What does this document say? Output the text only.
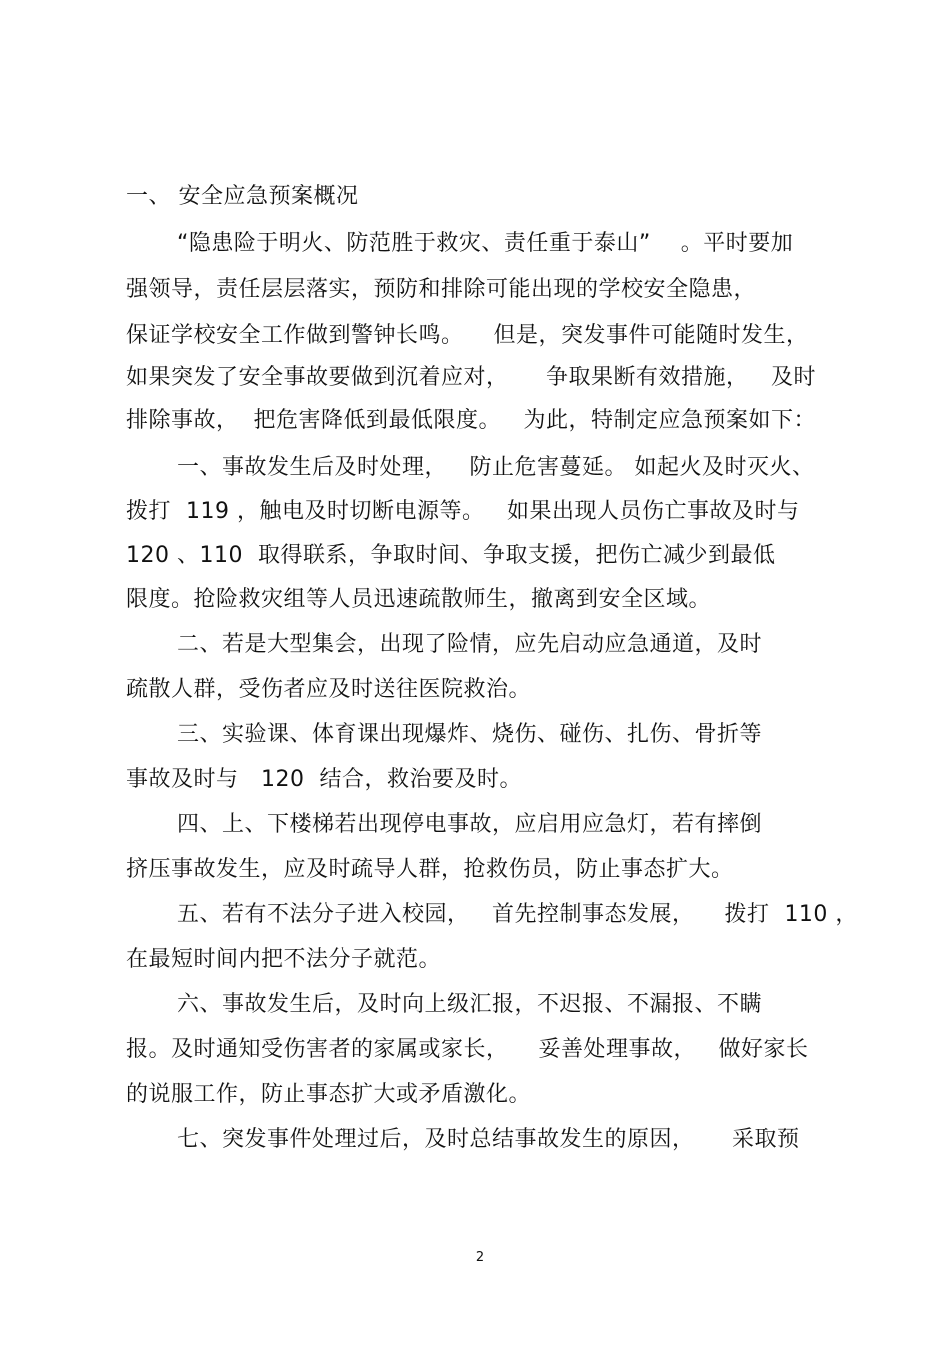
一、 安全应急预案概况
“隐患险于明火、防范胜于救灾、责任重于泰山”    。平时要加
强领导，责任层层落实，预防和排除可能出现的学校安全隐患，
保证学校安全工作做到警钟长鸣。    但是，突发事件可能随时发生，
如果突发了安全事故要做到沉着应对，     争取果断有效措施，   及时
排除事故，  把危害降低到最低限度。   为此，特制定应急预案如下：
一、事故发生后及时处理，   防止危害蔓延。 如起火及时灭火、
拨打  119 ，触电及时切断电源等。   如果出现人员伤亡事故及时与
120 、110  取得联系，争取时间、争取支援，把伤亡减少到最低
限度。抢险救灾组等人员迅速疏散师生，撤离到安全区域。
二、若是大型集会，出现了险情，应先启动应急通道，及时
疏散人群，受伤者应及时送往医院救治。
三、实验课、体育课出现爆炸、烧伤、碰伤、扎伤、骨折等
事故及时与   120  结合，救治要及时。
四、上、下楼梯若出现停电事故，应启用应急灯，若有摔倒
挤压事故发生，应及时疏导人群，抢救伤员，防止事态扩大。
五、若有不法分子进入校园，   首先控制事态发展，    拨打  110 ，
在最短时间内把不法分子就范。
六、事故发生后，及时向上级汇报，不迟报、不漏报、不瞒
报。及时通知受伤害者的家属或家长，    妥善处理事故，   做好家长
的说服工作，防止事态扩大或矛盾激化。
七、突发事件处理过后，及时总结事故发生的原因，     采取预
2
